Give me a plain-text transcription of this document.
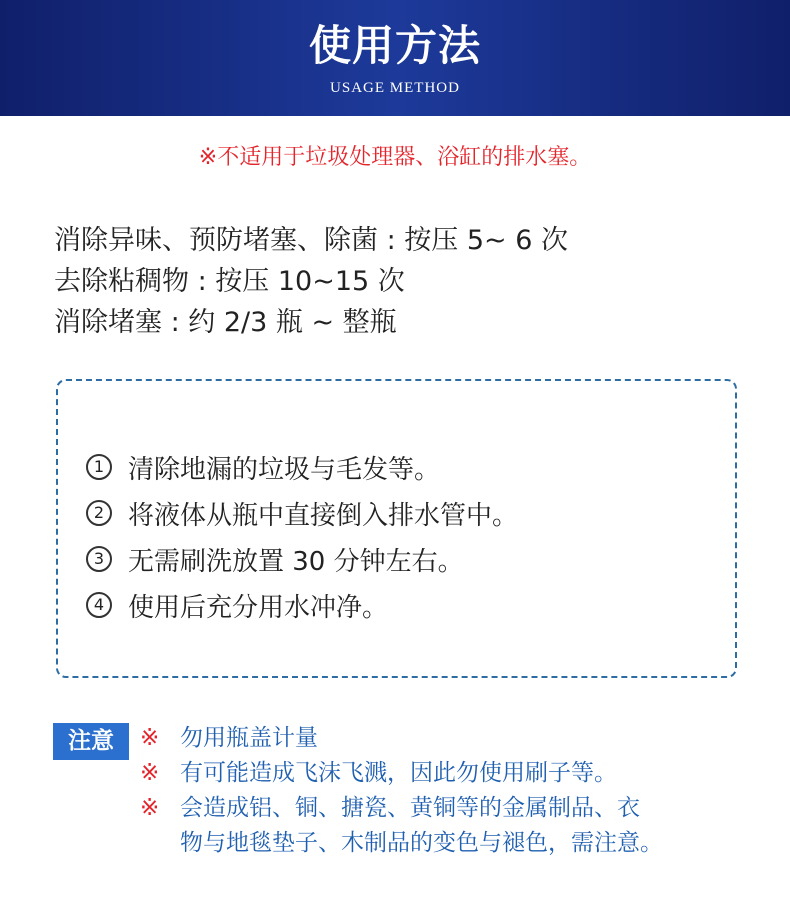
使用方法
USAGE METHOD
※不适用于垃圾处理器、浴缸的排水塞。
消除异味、预防堵塞、除菌 : 按压 5~ 6 次
去除粘稠物 : 按压 10~15 次
消除堵塞 : 约 2/3 瓶 ~ 整瓶
1 清除地漏的垃圾与毛发等。
2 将液体从瓶中直接倒入排水管中。
3 无需刷洗放置 30 分钟左右。
4 使用后充分用水冲净。
注意	※ 勿用瓶盖计量
※ 有可能造成飞沫飞溅，因此勿使用刷子等。
※ 会造成铝、铜、搪瓷、黄铜等的金属制品、衣
物与地毯垫子、木制品的变色与褪色，需注意。
